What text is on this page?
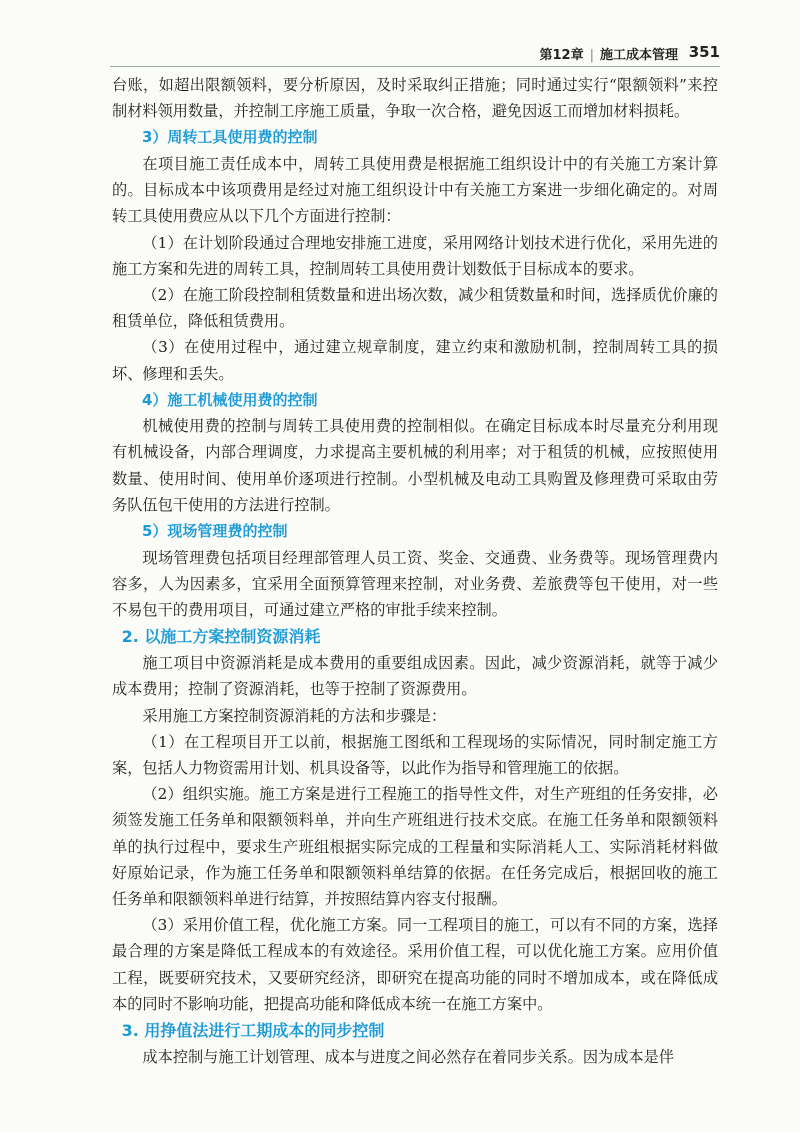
第12章 | 施工成本管理 351

台账，如超出限额领料，要分析原因，及时采取纠正措施；同时通过实行“限额领料”来控制材料领用数量，并控制工序施工质量，争取一次合格，避免因返工而增加材料损耗。

3）周转工具使用费的控制

在项目施工责任成本中，周转工具使用费是根据施工组织设计中的有关施工方案计算的。目标成本中该项费用是经过对施工组织设计中有关施工方案进一步细化确定的。对周转工具使用费应从以下几个方面进行控制：

（1）在计划阶段通过合理地安排施工进度，采用网络计划技术进行优化，采用先进的施工方案和先进的周转工具，控制周转工具使用费计划数低于目标成本的要求。

（2）在施工阶段控制租赁数量和进出场次数，减少租赁数量和时间，选择质优价廉的租赁单位，降低租赁费用。

（3）在使用过程中，通过建立规章制度，建立约束和激励机制，控制周转工具的损坏、修理和丢失。

4）施工机械使用费的控制

机械使用费的控制与周转工具使用费的控制相似。在确定目标成本时尽量充分利用现有机械设备，内部合理调度，力求提高主要机械的利用率；对于租赁的机械，应按照使用数量、使用时间、使用单价逐项进行控制。小型机械及电动工具购置及修理费可采取由劳务队伍包干使用的方法进行控制。

5）现场管理费的控制

现场管理费包括项目经理部管理人员工资、奖金、交通费、业务费等。现场管理费内容多，人为因素多，宜采用全面预算管理来控制，对业务费、差旅费等包干使用，对一些不易包干的费用项目，可通过建立严格的审批手续来控制。

2. 以施工方案控制资源消耗

施工项目中资源消耗是成本费用的重要组成因素。因此，减少资源消耗，就等于减少成本费用；控制了资源消耗，也等于控制了资源费用。

采用施工方案控制资源消耗的方法和步骤是：

（1）在工程项目开工以前，根据施工图纸和工程现场的实际情况，同时制定施工方案，包括人力物资需用计划、机具设备等，以此作为指导和管理施工的依据。

（2）组织实施。施工方案是进行工程施工的指导性文件，对生产班组的任务安排，必须签发施工任务单和限额领料单，并向生产班组进行技术交底。在施工任务单和限额领料单的执行过程中，要求生产班组根据实际完成的工程量和实际消耗人工、实际消耗材料做好原始记录，作为施工任务单和限额领料单结算的依据。在任务完成后，根据回收的施工任务单和限额领料单进行结算，并按照结算内容支付报酬。

（3）采用价值工程，优化施工方案。同一工程项目的施工，可以有不同的方案，选择最合理的方案是降低工程成本的有效途径。采用价值工程，可以优化施工方案。应用价值工程，既要研究技术，又要研究经济，即研究在提高功能的同时不增加成本，或在降低成本的同时不影响功能，把提高功能和降低成本统一在施工方案中。

3. 用挣值法进行工期成本的同步控制

成本控制与施工计划管理、成本与进度之间必然存在着同步关系。因为成本是伴
